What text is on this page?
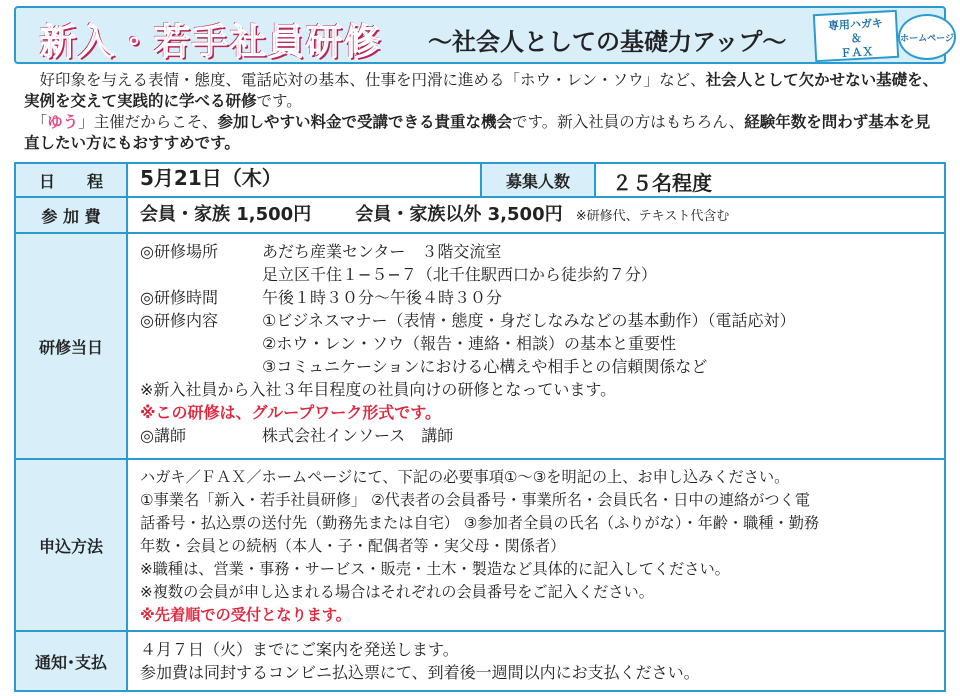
新入・若手社員研修 〜社会人としての基礎力アップ〜
専用ハガキ
＆
ＦＡＸ
ホームページ

　好印象を与える表情・態度、電話応対の基本、仕事を円滑に進める「ホウ・レン・ソウ」など、社会人として欠かせない基礎を、実例を交えて実践的に学べる研修です。

　「ゆう」主催だからこそ、参加しやすい料金で受講できる貴重な機会です。新入社員の方はもちろん、経験年数を問わず基本を見直したい方にもおすすめです。

日　　程	5月21日（木）	募集人数	２５名程度
参 加 費	会員・家族 1,500円 会員・家族以外 3,500円 ※研修代、テキスト代含む
研修当日
◎研修場所	あだち産業センター　３階交流室
足立区千住１−５−７（北千住駅西口から徒歩約７分）
◎研修時間	午後１時３０分〜午後４時３０分
◎研修内容	①ビジネスマナー（表情・態度・身だしなみなどの基本動作）（電話応対）
②ホウ・レン・ソウ（報告・連絡・相談）の基本と重要性
③コミュニケーションにおける心構えや相手との信頼関係など
※新入社員から入社３年目程度の社員向けの研修となっています。
※この研修は、グループワーク形式です。
◎講師	株式会社インソース　講師
申込方法
ハガキ／ＦＡＸ／ホームページにて、下記の必要事項①〜③を明記の上、お申し込みください。
①事業名「新入・若手社員研修」 ②代表者の会員番号・事業所名・会員氏名・日中の連絡がつく電
話番号・払込票の送付先（勤務先または自宅） ③参加者全員の氏名（ふりがな）・年齢・職種・勤務
年数・会員との続柄（本人・子・配偶者等・実父母・関係者）
※職種は、営業・事務・サービス・販売・土木・製造など具体的に記入してください。
※複数の会員が申し込まれる場合はそれぞれの会員番号をご記入ください。
※先着順での受付となります。
通知･支払
４月７日（火）までにご案内を発送します。
参加費は同封するコンビニ払込票にて、到着後一週間以内にお支払ください。
